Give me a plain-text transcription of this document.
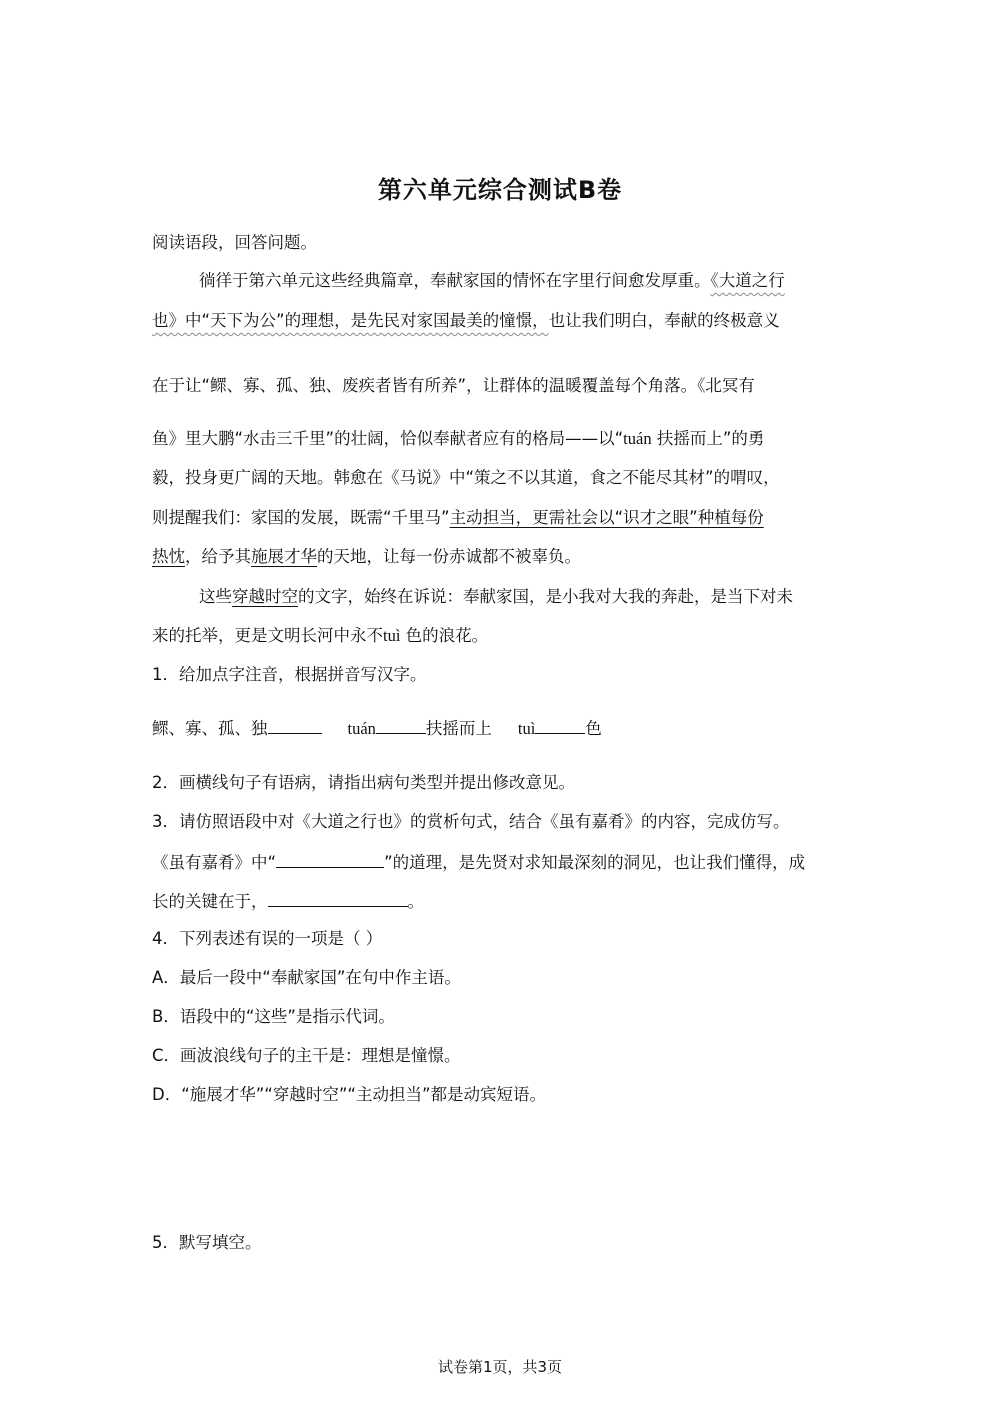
第六单元综合测试B卷
阅读语段，回答问题。
徜徉于第六单元这些经典篇章，奉献家国的情怀在字里行间愈发厚重。《大道之行
也》中“天下为公”的理想，是先民对家国最美的憧憬，也让我们明白，奉献的终极意义
在于让“鳏、寡、孤、独、废疾者皆有所养”，让群体的温暖覆盖每个角落。《北冥有
鱼》里大鹏“水击三千里”的壮阔，恰似奉献者应有的格局——以“tuán 扶摇而上”的勇
毅，投身更广阔的天地。韩愈在《马说》中“策之不以其道，食之不能尽其材”的喟叹，
则提醒我们：家国的发展，既需“千里马”主动担当，更需社会以“识才之眼”种植每份
热忱，给予其施展才华的天地，让每一份赤诚都不被辜负。
这些穿越时空的文字，始终在诉说：奉献家国，是小我对大我的奔赴，是当下对未
来的托举，更是文明长河中永不tuì 色的浪花。
1．给加点字注音，根据拼音写汉字。
鳏、寡、孤、独	tuán	扶摇而上 tuì	色
2．画横线句子有语病，请指出病句类型并提出修改意见。
3．请仿照语段中对《大道之行也》的赏析句式，结合《虽有嘉肴》的内容，完成仿写。
《虽有嘉肴》中“	”的道理，是先贤对求知最深刻的洞见，也让我们懂得，成
长的关键在于，	。
4．下列表述有误的一项是（ ）
A．最后一段中“奉献家国”在句中作主语。
B．语段中的“这些”是指示代词。
C．画波浪线句子的主干是：理想是憧憬。
D．“施展才华”“穿越时空”“主动担当”都是动宾短语。
5．默写填空。
试卷第1页，共3页
